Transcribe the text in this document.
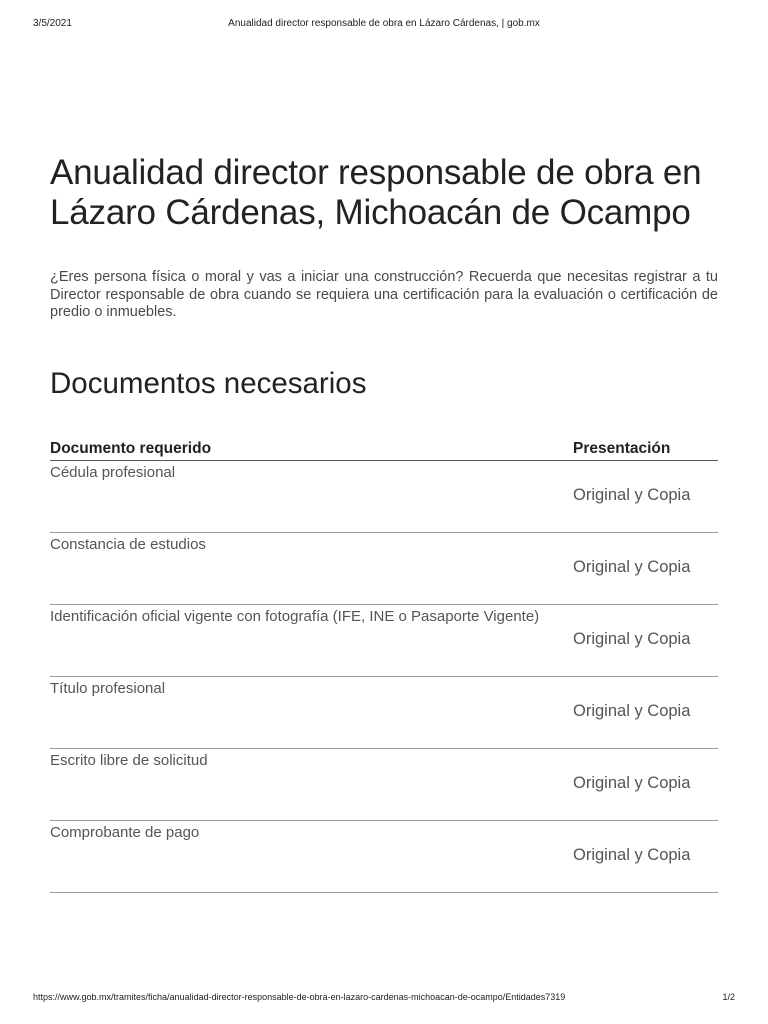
3/5/2021	Anualidad director responsable de obra en Lázaro Cárdenas, | gob.mx
Anualidad director responsable de obra en Lázaro Cárdenas, Michoacán de Ocampo

¿Eres persona física o moral y vas a iniciar una construcción? Recuerda que necesitas registrar a tu Director responsable de obra cuando se requiera una certificación para la evaluación o certificación de predio o inmuebles.

Documentos necesarios
Documento requerido	Presentación

Cédula profesional	Original y Copia

Constancia de estudios	Original y Copia

Identificación oficial vigente con fotografía (IFE, INE o Pasaporte Vigente)	Original y Copia

Título profesional	Original y Copia

Escrito libre de solicitud	Original y Copia

Comprobante de pago	Original y Copia
https://www.gob.mx/tramites/ficha/anualidad-director-responsable-de-obra-en-lazaro-cardenas-michoacan-de-ocampo/Entidades7319	1/2
